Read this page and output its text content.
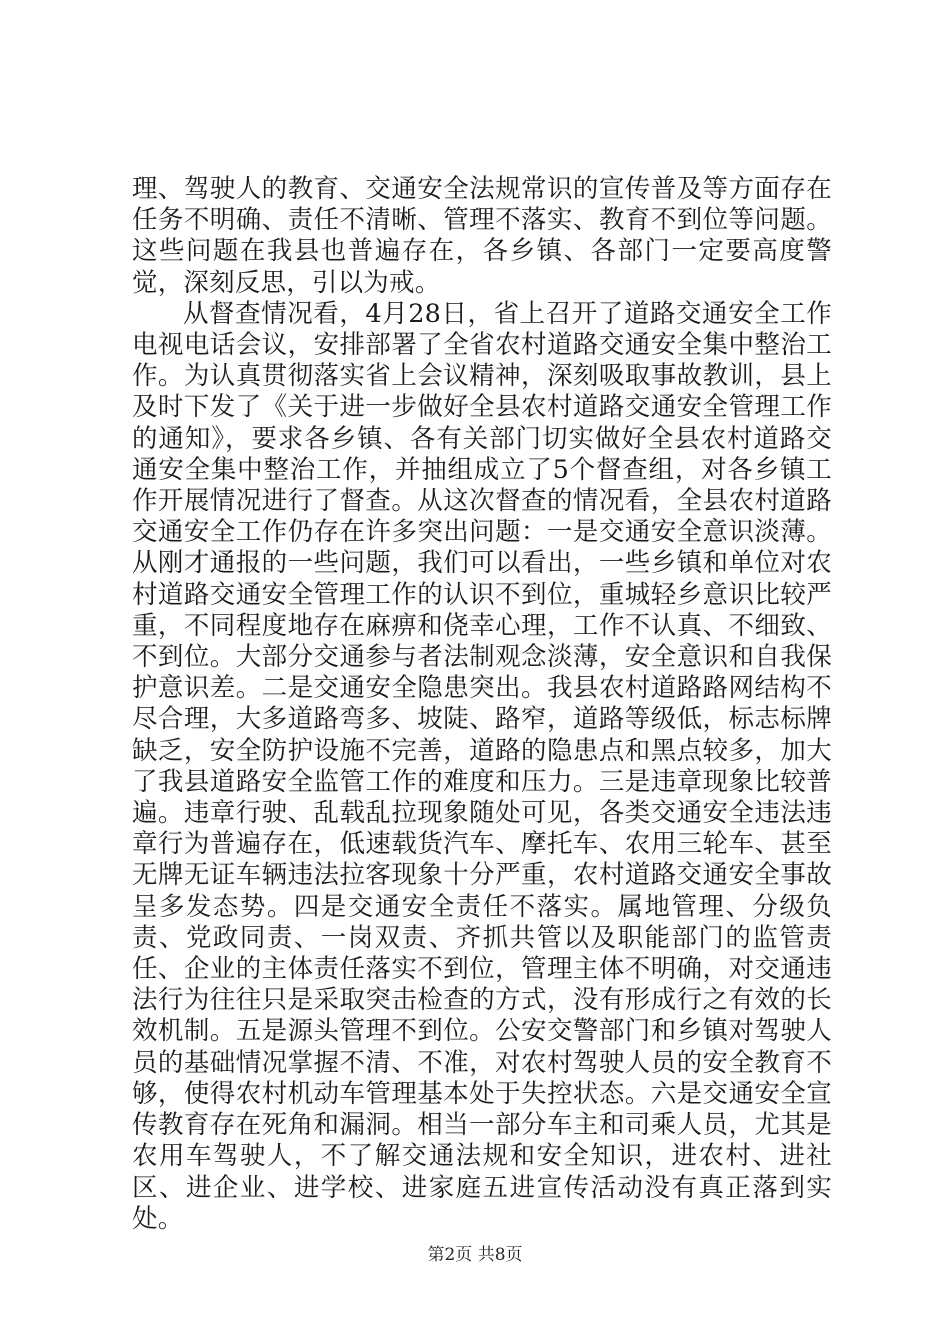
理、驾驶人的教育、交通安全法规常识的宣传普及等方面存在任务不明确、责任不清晰、管理不落实、教育不到位等问题。这些问题在我县也普遍存在，各乡镇、各部门一定要高度警觉，深刻反思，引以为戒。

从督查情况看，4月28日，省上召开了道路交通安全工作电视电话会议，安排部署了全省农村道路交通安全集中整治工作。为认真贯彻落实省上会议精神，深刻吸取事故教训，县上及时下发了《关于进一步做好全县农村道路交通安全管理工作的通知》，要求各乡镇、各有关部门切实做好全县农村道路交通安全集中整治工作，并抽组成立了5个督查组，对各乡镇工作开展情况进行了督查。从这次督查的情况看，全县农村道路交通安全工作仍存在许多突出问题：一是交通安全意识淡薄。从刚才通报的一些问题，我们可以看出，一些乡镇和单位对农村道路交通安全管理工作的认识不到位，重城轻乡意识比较严重，不同程度地存在麻痹和侥幸心理，工作不认真、不细致、不到位。大部分交通参与者法制观念淡薄，安全意识和自我保护意识差。二是交通安全隐患突出。我县农村道路路网结构不尽合理，大多道路弯多、坡陡、路窄，道路等级低，标志标牌缺乏，安全防护设施不完善，道路的隐患点和黑点较多，加大了我县道路安全监管工作的难度和压力。三是违章现象比较普遍。违章行驶、乱载乱拉现象随处可见，各类交通安全违法违章行为普遍存在，低速载货汽车、摩托车、农用三轮车、甚至无牌无证车辆违法拉客现象十分严重，农村道路交通安全事故呈多发态势。四是交通安全责任不落实。属地管理、分级负责、党政同责、一岗双责、齐抓共管以及职能部门的监管责任、企业的主体责任落实不到位，管理主体不明确，对交通违法行为往往只是采取突击检查的方式，没有形成行之有效的长效机制。五是源头管理不到位。公安交警部门和乡镇对驾驶人员的基础情况掌握不清、不准，对农村驾驶人员的安全教育不够，使得农村机动车管理基本处于失控状态。六是交通安全宣传教育存在死角和漏洞。相当一部分车主和司乘人员，尤其是农用车驾驶人，不了解交通法规和安全知识，进农村、进社区、进企业、进学校、进家庭五进宣传活动没有真正落到实处。

第2页 共8页
